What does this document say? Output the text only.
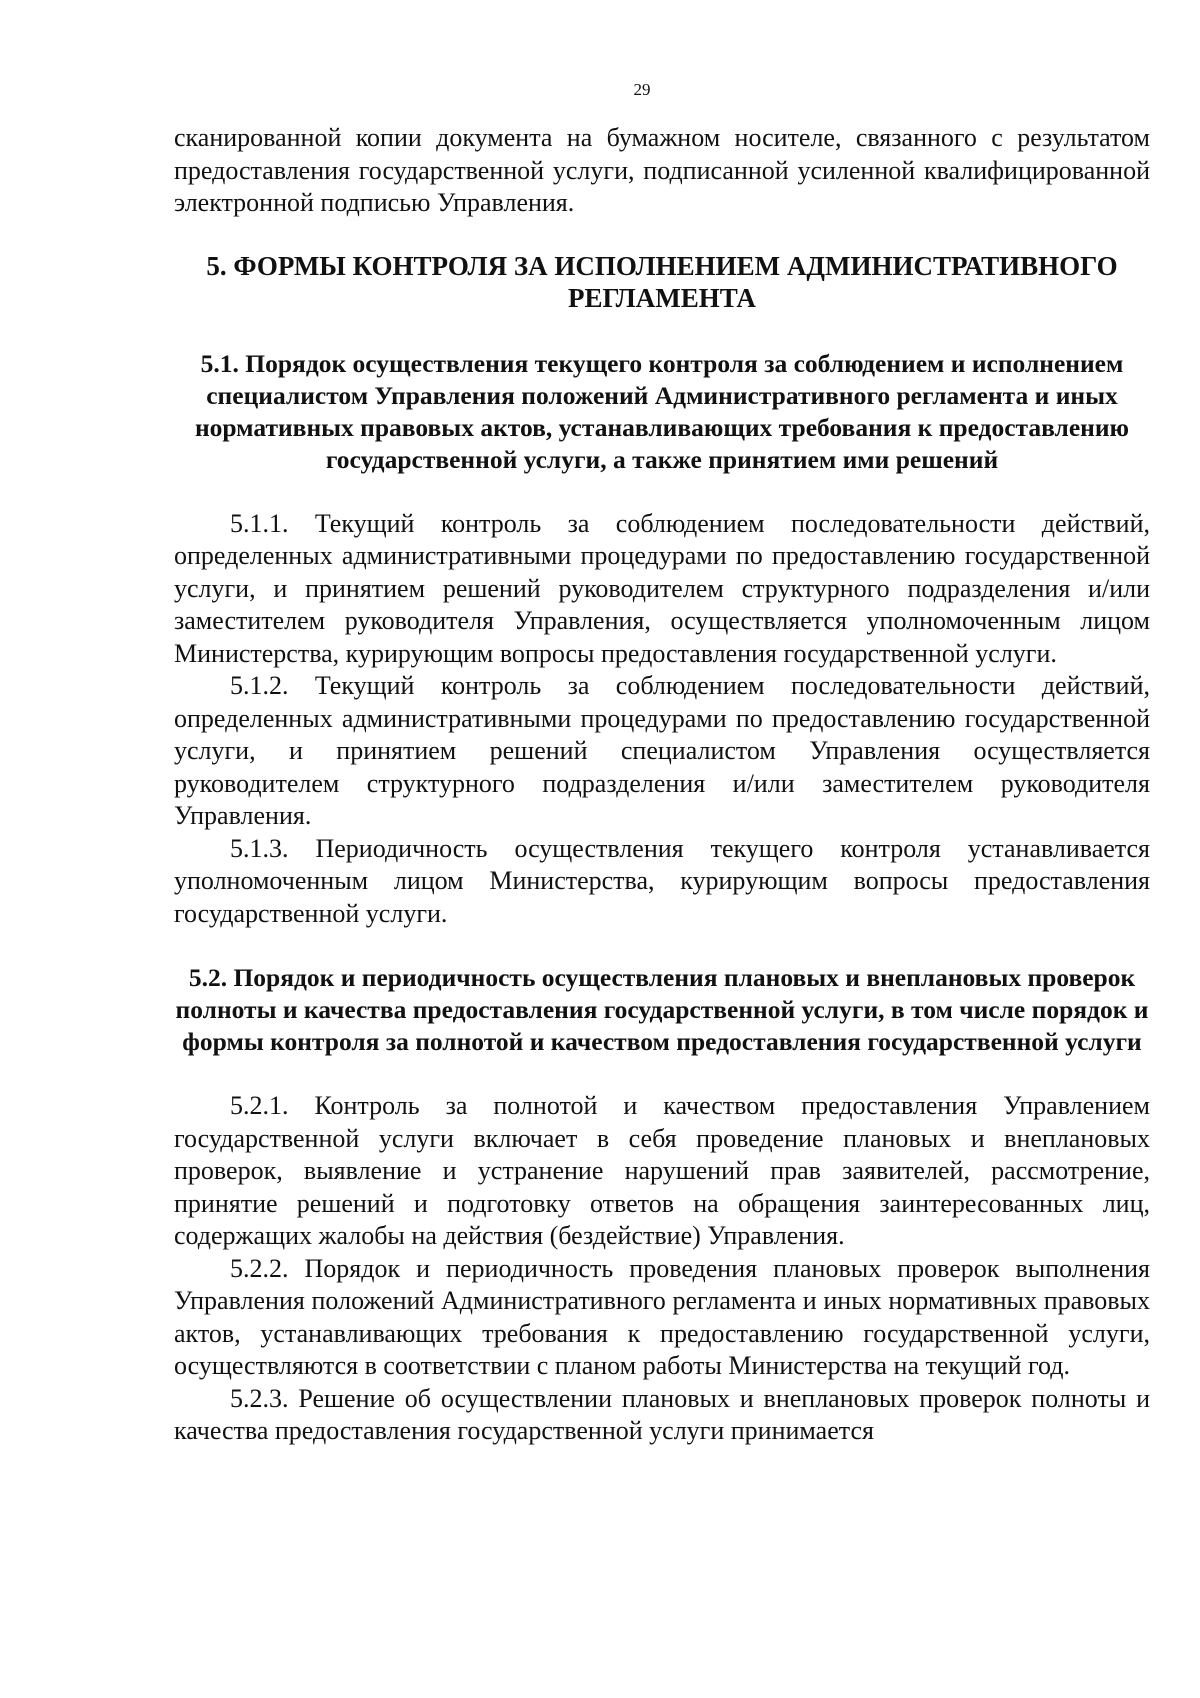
29

сканированной копии документа на бумажном носителе, связанного с результатом предоставления государственной услуги, подписанной усиленной квалифицированной электронной подписью Управления.

5. ФОРМЫ КОНТРОЛЯ ЗА ИСПОЛНЕНИЕМ АДМИНИСТРАТИВНОГО РЕГЛАМЕНТА

5.1. Порядок осуществления текущего контроля за соблюдением и исполнением специалистом Управления положений Административного регламента и иных нормативных правовых актов, устанавливающих требования к предоставлению государственной услуги, а также принятием ими решений

5.1.1. Текущий контроль за соблюдением последовательности действий, определенных административными процедурами по предоставлению государственной услуги, и принятием решений руководителем структурного подразделения и/или заместителем руководителя Управления, осуществляется уполномоченным лицом Министерства, курирующим вопросы предоставления государственной услуги.

5.1.2. Текущий контроль за соблюдением последовательности действий, определенных административными процедурами по предоставлению государственной услуги, и принятием решений специалистом Управления осуществляется руководителем структурного подразделения и/или заместителем руководителя Управления.

5.1.3. Периодичность осуществления текущего контроля устанавливается уполномоченным лицом Министерства, курирующим вопросы предоставления государственной услуги.

5.2. Порядок и периодичность осуществления плановых и внеплановых проверок полноты и качества предоставления государственной услуги, в том числе порядок и формы контроля за полнотой и качеством предоставления государственной услуги

5.2.1. Контроль за полнотой и качеством предоставления Управлением государственной услуги включает в себя проведение плановых и внеплановых проверок, выявление и устранение нарушений прав заявителей, рассмотрение, принятие решений и подготовку ответов на обращения заинтересованных лиц, содержащих жалобы на действия (бездействие) Управления.

5.2.2. Порядок и периодичность проведения плановых проверок выполнения Управления положений Административного регламента и иных нормативных правовых актов, устанавливающих требования к предоставлению государственной услуги, осуществляются в соответствии с планом работы Министерства на текущий год.

5.2.3. Решение об осуществлении плановых и внеплановых проверок полноты и качества предоставления государственной услуги принимается
